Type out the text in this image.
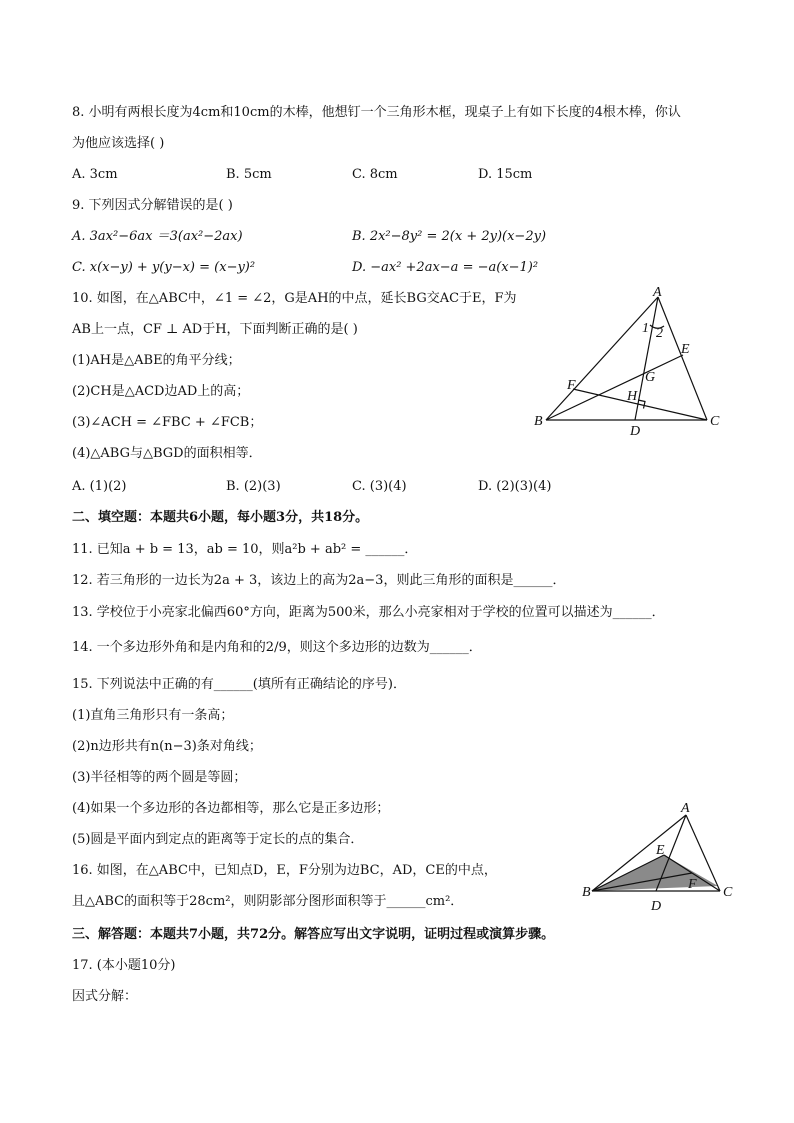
8. 小明有两根长度为4cm和10cm的木棒，他想钉一个三角形木框，现桌子上有如下长度的4根木棒，你认
为他应该选择( )
A. 3cm	B. 5cm	C. 8cm	D. 15cm
9. 下列因式分解错误的是( )
A. 3ax²−6ax ＝3(ax²−2ax)	B. 2x²−8y² = 2(x + 2y)(x−2y)
C. x(x−y) + y(y−x) = (x−y)²	D. −ax² +2ax−a = −a(x−1)²
10. 如图，在△ABC中，∠1 = ∠2，G是AH的中点，延长BG交AC于E，F为
AB上一点，CF ⊥ AD于H，下面判断正确的是( )
(1)AH是△ABE的角平分线；
(2)CH是△ACD边AD上的高；
(3)∠ACH = ∠FBC + ∠FCB；
(4)△ABG与△BGD的面积相等．
A. (1)(2)	B. (2)(3)	C. (3)(4)	D. (2)(3)(4)
A
1 2
E
F
G
H
B
D
C
二、填空题：本题共6小题，每小题3分，共18分。
11. 已知a + b = 13，ab = 10，则a²b + ab² = ______．
12. 若三角形的一边长为2a + 3，该边上的高为2a−3，则此三角形的面积是______．
13. 学校位于小亮家北偏西60°方向，距离为500米，那么小亮家相对于学校的位置可以描述为______．
14. 一个多边形外角和是内角和的2/9，则这个多边形的边数为______．
15. 下列说法中正确的有______(填所有正确结论的序号)．
(1)直角三角形只有一条高；
(2)n边形共有n(n−3)条对角线；
(3)半径相等的两个圆是等圆；
(4)如果一个多边形的各边都相等，那么它是正多边形；
(5)圆是平面内到定点的距离等于定长的点的集合．
16. 如图，在△ABC中，已知点D，E，F分别为边BC，AD，CE的中点，
且△ABC的面积等于28cm²，则阴影部分图形面积等于______cm²．
A
E
F
B
D
C
三、解答题：本题共7小题，共72分。解答应写出文字说明，证明过程或演算步骤。
17. (本小题10分)
因式分解：
